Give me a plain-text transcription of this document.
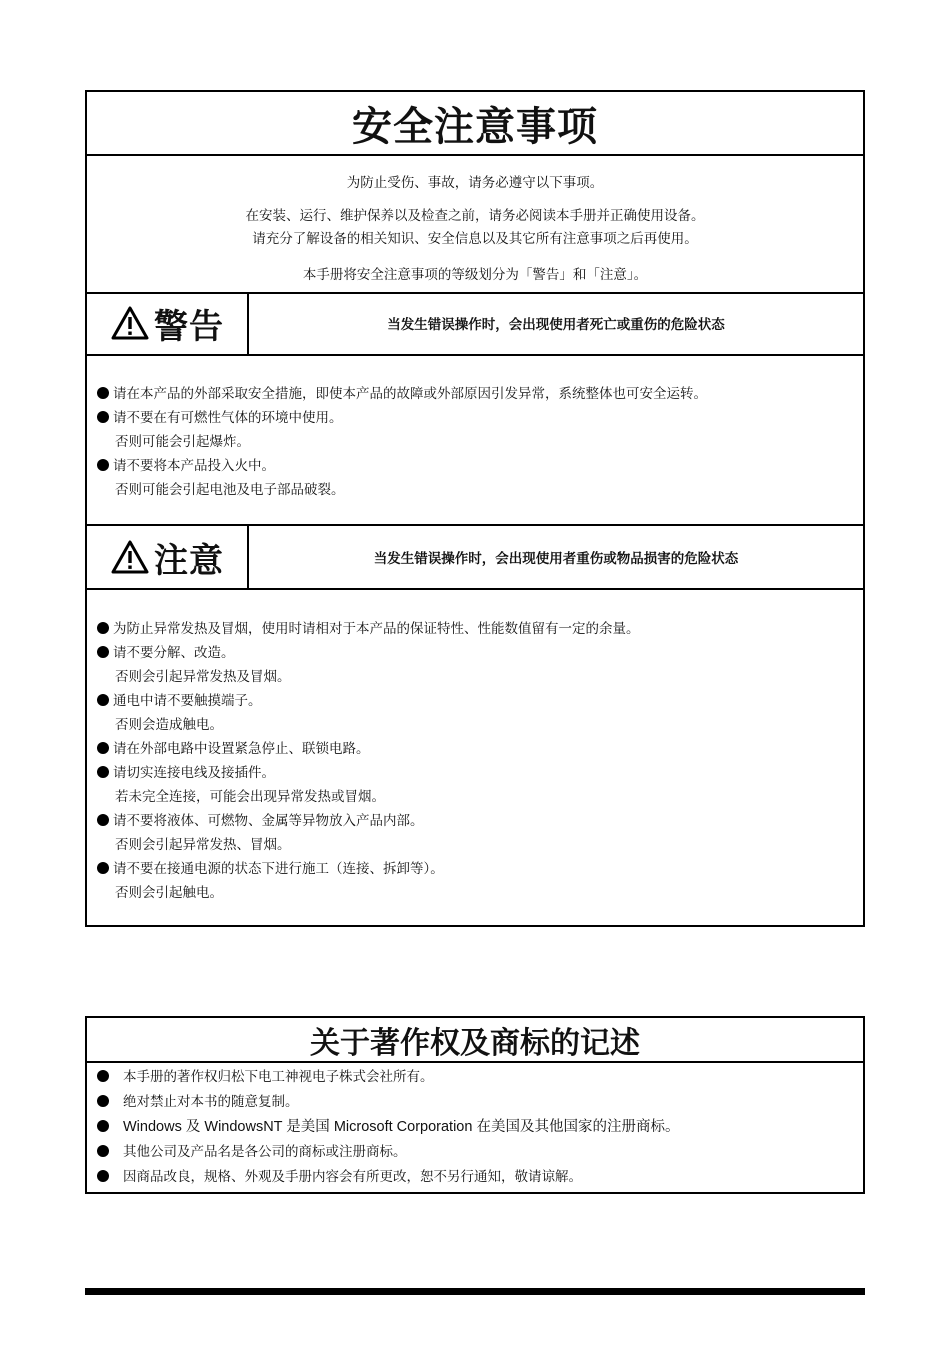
安全注意事项
为防止受伤、事故，请务必遵守以下事项。
在安装、运行、维护保养以及检查之前，请务必阅读本手册并正确使用设备。
请充分了解设备的相关知识、安全信息以及其它所有注意事项之后再使用。
本手册将安全注意事项的等级划分为「警告」和「注意」。
警告	当发生错误操作时，会出现使用者死亡或重伤的危险状态
请在本产品的外部采取安全措施，即使本产品的故障或外部原因引发异常，系统整体也可安全运转。
请不要在有可燃性气体的环境中使用。
否则可能会引起爆炸。
请不要将本产品投入火中。
否则可能会引起电池及电子部品破裂。
注意	当发生错误操作时，会出现使用者重伤或物品损害的危险状态
为防止异常发热及冒烟，使用时请相对于本产品的保证特性、性能数值留有一定的余量。
请不要分解、改造。
否则会引起异常发热及冒烟。
通电中请不要触摸端子。
否则会造成触电。
请在外部电路中设置紧急停止、联锁电路。
请切实连接电线及接插件。
若未完全连接，可能会出现异常发热或冒烟。
请不要将液体、可燃物、金属等异物放入产品内部。
否则会引起异常发热、冒烟。
请不要在接通电源的状态下进行施工（连接、拆卸等）。
否则会引起触电。
关于著作权及商标的记述
本手册的著作权归松下电工神视电子株式会社所有。
绝对禁止对本书的随意复制。
Windows 及 WindowsNT 是美国 Microsoft Corporation 在美国及其他国家的注册商标。
其他公司及产品名是各公司的商标或注册商标。
因商品改良，规格、外观及手册内容会有所更改，恕不另行通知，敬请谅解。
